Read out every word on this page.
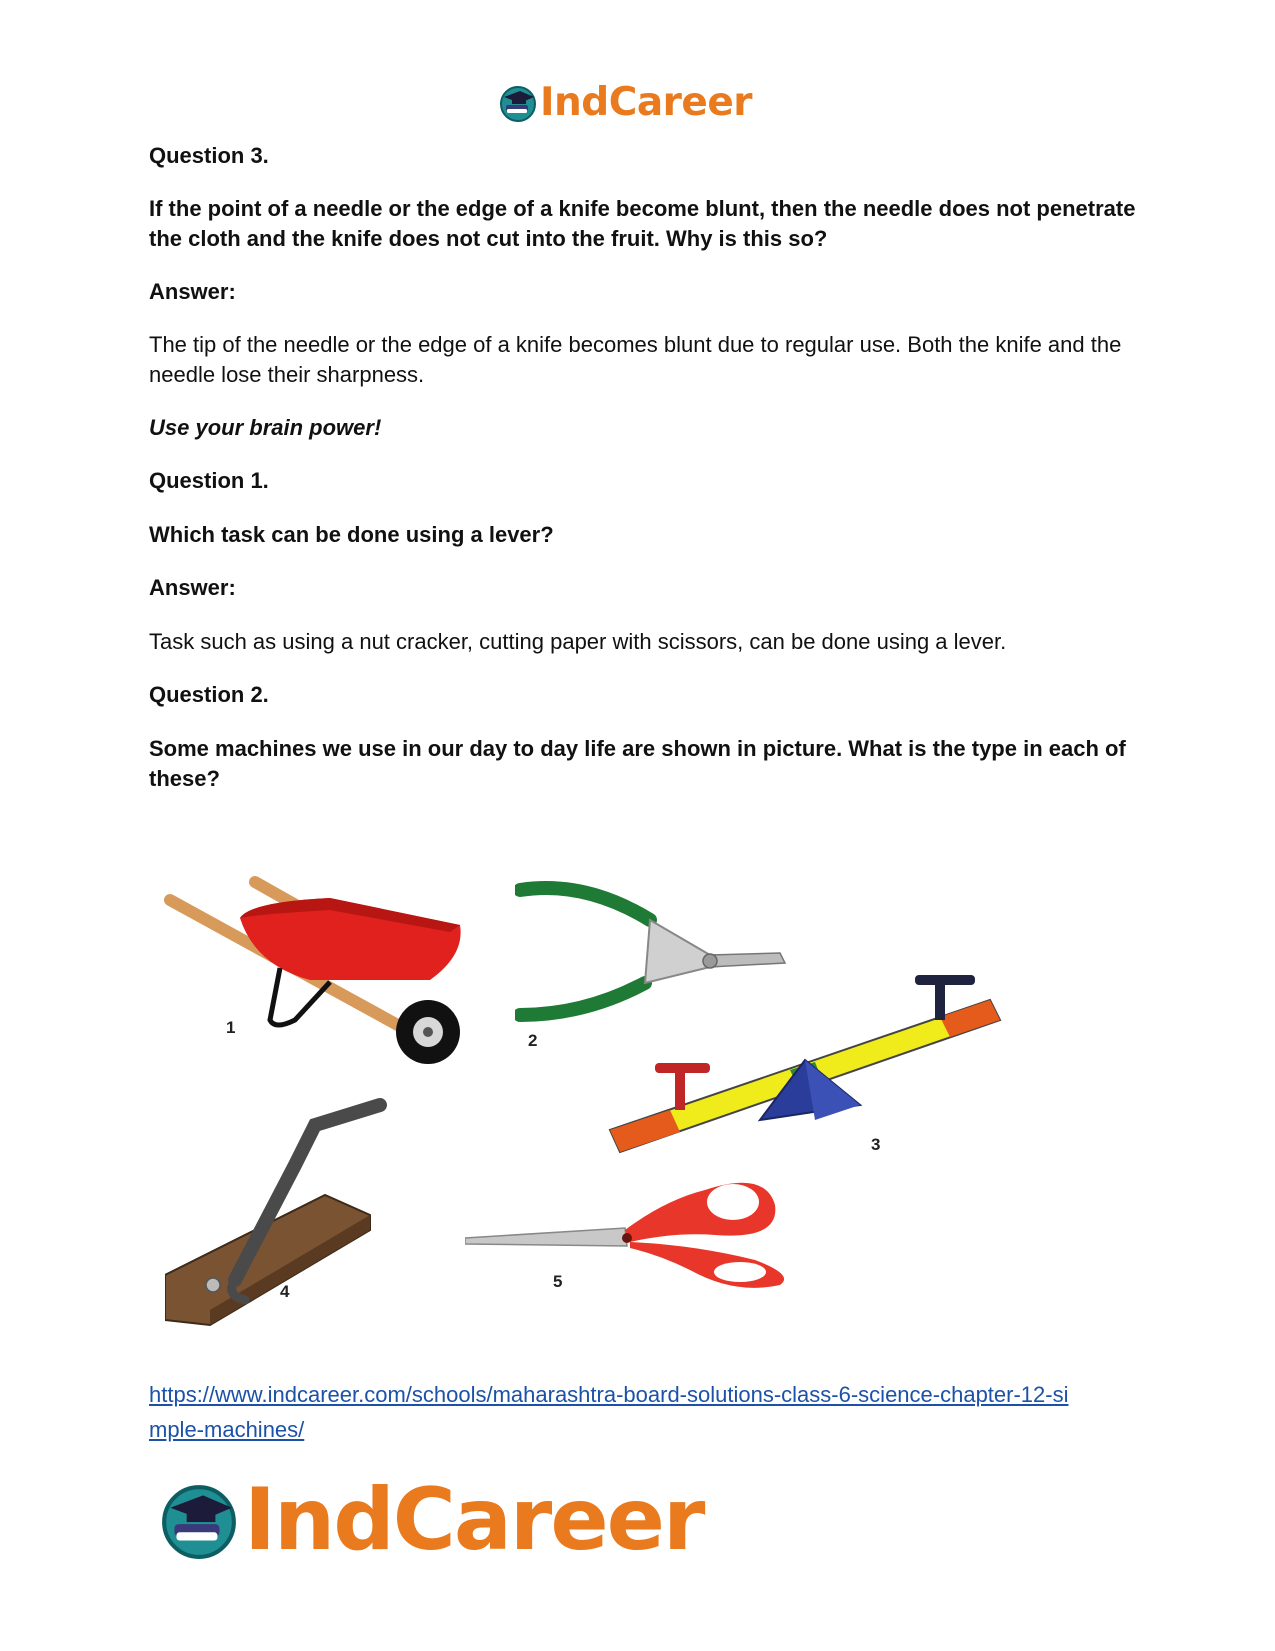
IndCareer

Question 3.

If the point of a needle or the edge of a knife become blunt, then the needle does not penetrate the cloth and the knife does not cut into the fruit. Why is this so?

Answer:

The tip of the needle or the edge of a knife becomes blunt due to regular use. Both the knife and the needle lose their sharpness.

Use your brain power!

Question 1.

Which task can be done using a lever?

Answer:

Task such as using a nut cracker, cutting paper with scissors, can be done using a lever.

Question 2.

Some machines we use in our day to day life are shown in picture. What is the type in each of these?

1
2
3
4
5
https://www.indcareer.com/schools/maharashtra-board-solutions-class-6-science-chapter-12-si
mple-machines/
IndCareer
